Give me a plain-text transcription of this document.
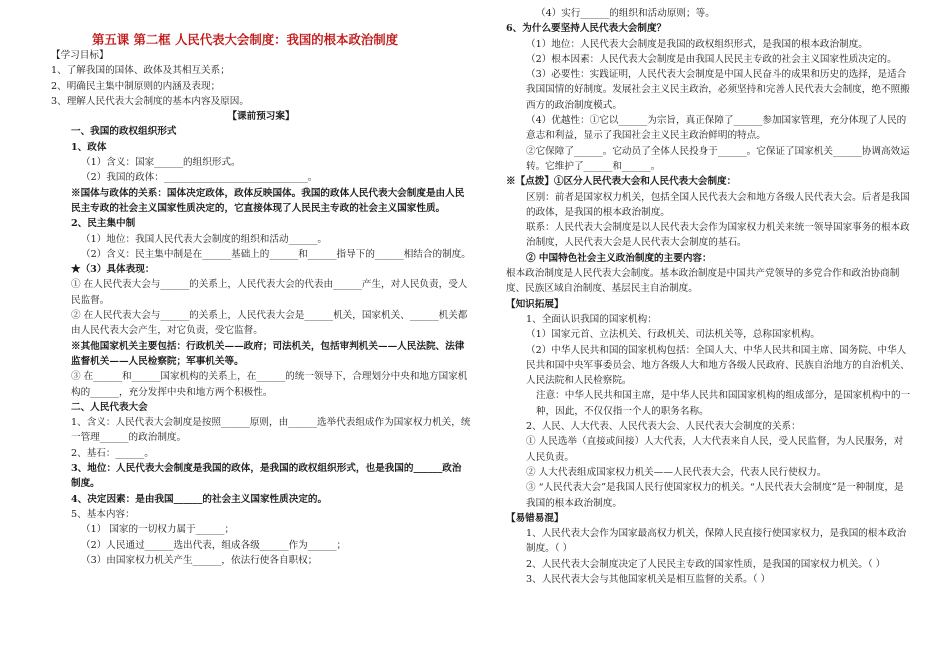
第五课 第二框 人民代表大会制度：我国的根本政治制度

【学习目标】

1、了解我国的国体、政体及其相互关系；

2、明确民主集中制原则的内涵及表现；

3、理解人民代表大会制度的基本内容及原因。

【课前预习案】

一、我国的政权组织形式

1、政体

（1）含义：国家______的组织形式。

（2）我国的政体：______________________________。

※国体与政体的关系：国体决定政体，政体反映国体。我国的政体人民代表大会制度是由人民民主专政的社会主义国家性质决定的，它直接体现了人民民主专政的社会主义国家性质。

2、民主集中制

（1）地位：我国人民代表大会制度的组织和活动______。

（2）含义：民主集中制是在______基础上的______和______指导下的______相结合的制度。

★（3）具体表现：

① 在人民代表大会与______的关系上，人民代表大会的代表由______产生，对人民负责，受人民监督。

② 在人民代表大会与______的关系上，人民代表大会是______机关，国家机关、______机关都由人民代表大会产生，对它负责，受它监督。

※其他国家机关主要包括：行政机关——政府；司法机关，包括审判机关——人民法院、法律监督机关——人民检察院；军事机关等。

③ 在______和______国家机构的关系上，在______的统一领导下，合理划分中央和地方国家机构的______，充分发挥中央和地方两个积极性。

二、人民代表大会

1、含义：人民代表大会制度是按照______原则，由______选举代表组成作为国家权力机关，统一管理______的政治制度。

2、基石：______。

3、地位：人民代表大会制度是我国的政体，是我国的政权组织形式，也是我国的______政治制度。

4、决定因素：是由我国______的社会主义国家性质决定的。

5、基本内容：

（1） 国家的一切权力属于______；

（2）人民通过______选出代表，组成各级______作为______；

（3）由国家权力机关产生______，依法行使各自职权；

（4）实行______的组织和活动原则；等。

6、为什么要坚持人民代表大会制度？

（1）地位：人民代表大会制度是我国的政权组织形式，是我国的根本政治制度。

（2）根本因素：人民代表大会制度是由我国人民民主专政的社会主义国家性质决定的。

（3）必要性：实践证明，人民代表大会制度是中国人民奋斗的成果和历史的选择，是适合我国国情的好制度。发展社会主义民主政治，必须坚持和完善人民代表大会制度，绝不照搬西方的政治制度模式。

（4）优越性：①它以______为宗旨，真正保障了______参加国家管理，充分体现了人民的意志和利益，显示了我国社会主义民主政治鲜明的特点。

②它保障了______。它动员了全体人民投身于______。它保证了国家机关______协调高效运转。它维护了______和______。

※【点拨】①区分人民代表大会和人民代表大会制度：

区别：前者是国家权力机关，包括全国人民代表大会和地方各级人民代表大会。后者是我国的政体，是我国的根本政治制度。

联系：人民代表大会制度是以人民代表大会作为国家权力机关来统一领导国家事务的根本政治制度，人民代表大会是人民代表大会制度的基石。

② 中国特色社会主义政治制度的主要内容：

根本政治制度是人民代表大会制度。基本政治制度是中国共产党领导的多党合作和政治协商制度、民族区域自治制度、基层民主自治制度。

【知识拓展】

1、全面认识我国的国家机构：

（1）国家元首、立法机关、行政机关、司法机关等，总称国家机构。

（2）中华人民共和国的国家机构包括：全国人大、中华人民共和国主席、国务院、中华人民共和国中央军事委员会、地方各级人大和地方各级人民政府、民族自治地方的自治机关、人民法院和人民检察院。

注意：中华人民共和国主席，是中华人民共和国国家机构的组成部分，是国家机构中的一种，因此，不仅仅指一个人的职务名称。

2、人民、人大代表、人民代表大会、人民代表大会制度的关系：

① 人民选举（直接或间接）人大代表，人大代表来自人民，受人民监督，为人民服务，对人民负责。

② 人大代表组成国家权力机关——人民代表大会，代表人民行使权力。

③ “人民代表大会”是我国人民行使国家权力的机关。“人民代表大会制度”是一种制度，是我国的根本政治制度。

【易错易混】

1、人民代表大会作为国家最高权力机关，保障人民直接行使国家权力，是我国的根本政治制度。（ ）

2、人民代表大会制度决定了人民民主专政的国家性质，是我国的国家权力机关。（ ）

3、人民代表大会与其他国家机关是相互监督的关系。（ ）
